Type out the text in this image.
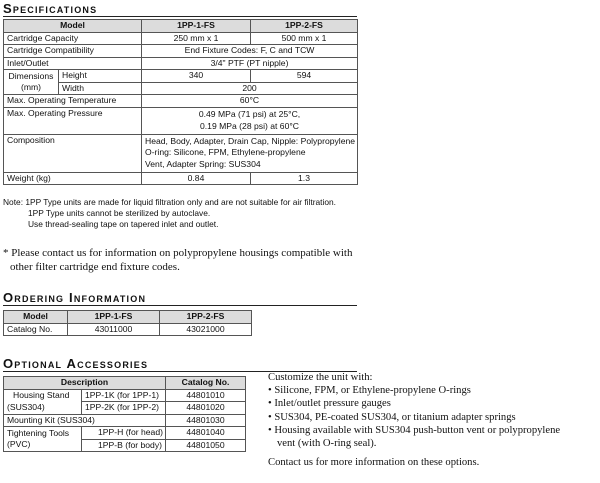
Specifications
Model		1PP-1-FS	1PP-2-FS
Cartridge Capacity		250 mm x 1	500 mm x 1
Cartridge Compatibility		End Fixture Codes: F, C and TCW	
Inlet/Outlet		3/4" PTF (PT nipple)	
Dimensions
(mm)	Height	340	594
	Width	200	
Max. Operating Temperature		60°C	
Max. Operating Pressure		0.49 MPa (71 psi) at 25°C,
0.19 MPa (28 psi) at 60°C	

Composition		Head, Body, Adapter, Drain Cap, Nipple: Polypropylene
O-ring: Silicone, FPM, Ethylene-propylene
Vent, Adapter Spring: SUS304	

Weight (kg)		0.84	1.3
Note: 1PP Type units are made for liquid filtration only and are not suitable for air filtration.
1PP Type units cannot be sterilized by autoclave.
Use thread-sealing tape on tapered inlet and outlet.
* Please contact us for information on polypropylene housings compatible with
other filter cartridge end fixture codes.
Ordering Information
Model	1PP-1-FS	1PP-2-FS
Catalog No.	43011000	43021000
Optional Accessories
Description		Catalog No.

Housing Stand
(SUS304)	1PP-1K (for 1PP-1)	44801010
	1PP-2K (for 1PP-2)	44801020
Mounting Kit (SUS304)		44801030

Tightening Tools
(PVC)	1PP-H (for head)	44801040
	1PP-B (for body)	44801050
Customize the unit with:
• Silicone, FPM, or Ethylene-propylene O-rings
• Inlet/outlet pressure gauges
• SUS304, PE-coated SUS304, or titanium adapter springs
• Housing available with SUS304 push-button vent or polypropylene
vent (with O-ring seal).
Contact us for more information on these options.
